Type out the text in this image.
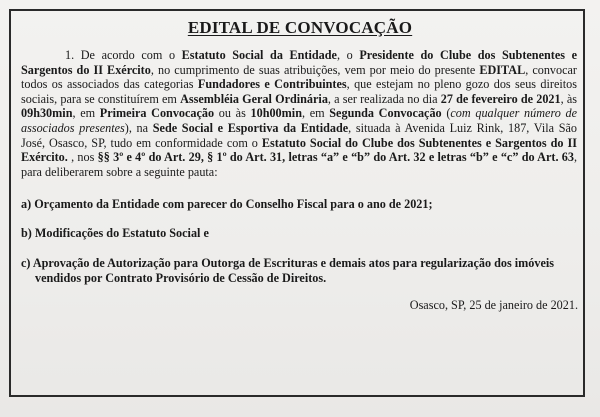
EDITAL DE CONVOCAÇÃO
1. De acordo com o Estatuto Social da Entidade, o Presidente do Clube dos Subtenentes e Sargentos do II Exército, no cumprimento de suas atribuições, vem por meio do presente EDITAL, convocar todos os associados das categorias Fundadores e Contribuintes, que estejam no pleno gozo dos seus direitos sociais, para se constituírem em Assembléia Geral Ordinária, a ser realizada no dia 27 de fevereiro de 2021, às 09h30min, em Primeira Convocação ou às 10h00min, em Segunda Convocação (com qualquer número de associados presentes), na Sede Social e Esportiva da Entidade, situada à Avenida Luiz Rink, 187, Vila São José, Osasco, SP, tudo em conformidade com o Estatuto Social do Clube dos Subtenentes e Sargentos do II Exército. , nos §§ 3º e 4º do Art. 29, § 1º do Art. 31, letras “a” e “b” do Art. 32 e letras “b” e “c” do Art. 63, para deliberarem sobre a seguinte pauta:
a) Orçamento da Entidade com parecer do Conselho Fiscal para o ano de 2021;
b) Modificações do Estatuto Social e
c) Aprovação de Autorização para Outorga de Escrituras e demais atos para regularização dos imóveis vendidos por Contrato Provisório de Cessão de Direitos.
Osasco, SP, 25 de janeiro de 2021.
